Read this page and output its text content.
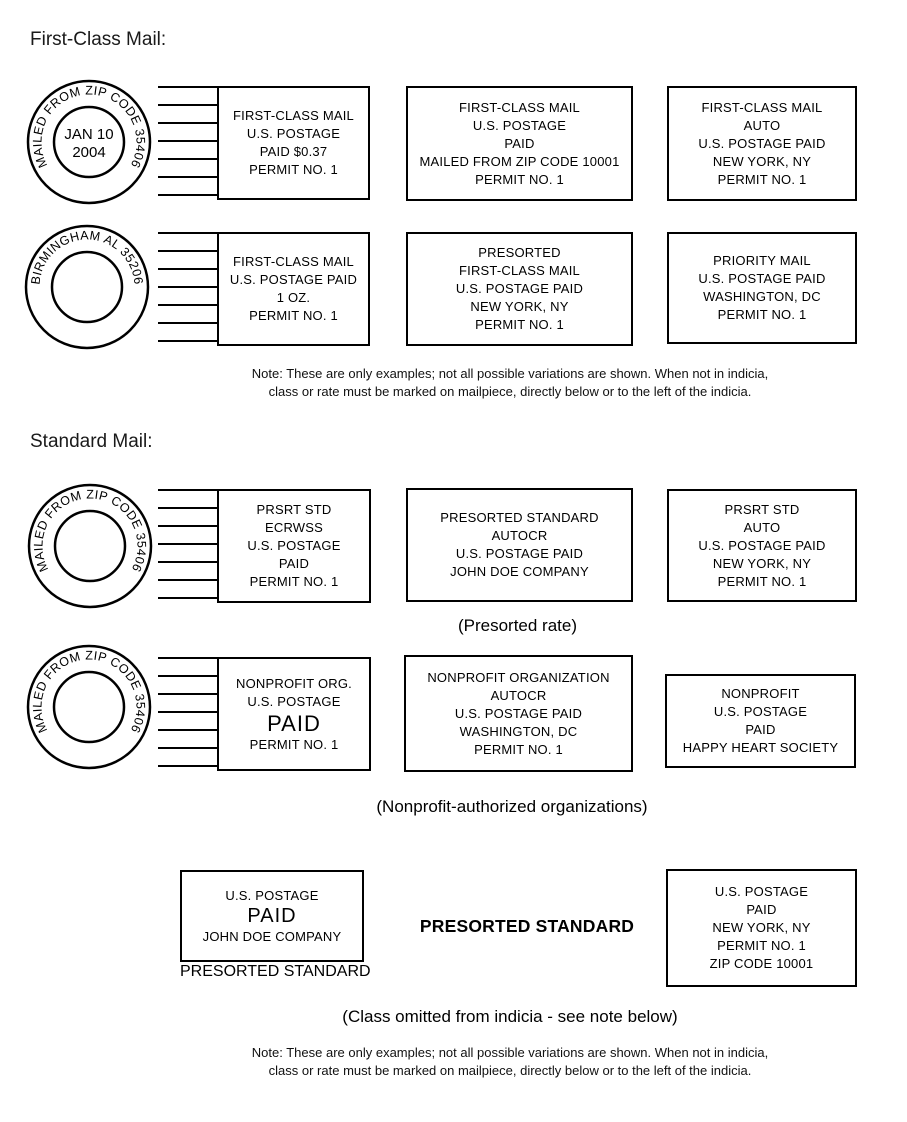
First-Class Mail:
MAILED FROM ZIP CODE 35406
JAN 10
2004
FIRST-CLASS MAIL
U.S. POSTAGE
PAID $0.37
PERMIT NO. 1
FIRST-CLASS MAIL
U.S. POSTAGE
PAID
MAILED FROM ZIP CODE 10001
PERMIT NO. 1
FIRST-CLASS MAIL
AUTO
U.S. POSTAGE PAID
NEW YORK, NY
PERMIT NO. 1
BIRMINGHAM AL 35206
FIRST-CLASS MAIL
U.S. POSTAGE PAID
1 OZ.
PERMIT NO. 1
PRESORTED
FIRST-CLASS MAIL
U.S. POSTAGE PAID
NEW YORK, NY
PERMIT NO. 1
PRIORITY MAIL
U.S. POSTAGE PAID
WASHINGTON, DC
PERMIT NO. 1
Note: These are only examples; not all possible variations are shown. When not in indicia,
class or rate must be marked on mailpiece, directly below or to the left of the indicia.
Standard Mail:
MAILED FROM ZIP CODE 35406
PRSRT STD
ECRWSS
U.S. POSTAGE
PAID
PERMIT NO. 1
PRESORTED STANDARD
AUTOCR
U.S. POSTAGE PAID
JOHN DOE COMPANY
PRSRT STD
AUTO
U.S. POSTAGE PAID
NEW YORK, NY
PERMIT NO. 1
(Presorted rate)
MAILED FROM ZIP CODE 35406
NONPROFIT ORG.
U.S. POSTAGE
PAID
PERMIT NO. 1
NONPROFIT ORGANIZATION
AUTOCR
U.S. POSTAGE PAID
WASHINGTON, DC
PERMIT NO. 1
NONPROFIT
U.S. POSTAGE
PAID
HAPPY HEART SOCIETY
(Nonprofit-authorized organizations)
U.S. POSTAGE
PAID
JOHN DOE COMPANY
PRESORTED STANDARD
PRESORTED STANDARD
U.S. POSTAGE
PAID
NEW YORK, NY
PERMIT NO. 1
ZIP CODE 10001
(Class omitted from indicia - see note below)
Note: These are only examples; not all possible variations are shown. When not in indicia,
class or rate must be marked on mailpiece, directly below or to the left of the indicia.
